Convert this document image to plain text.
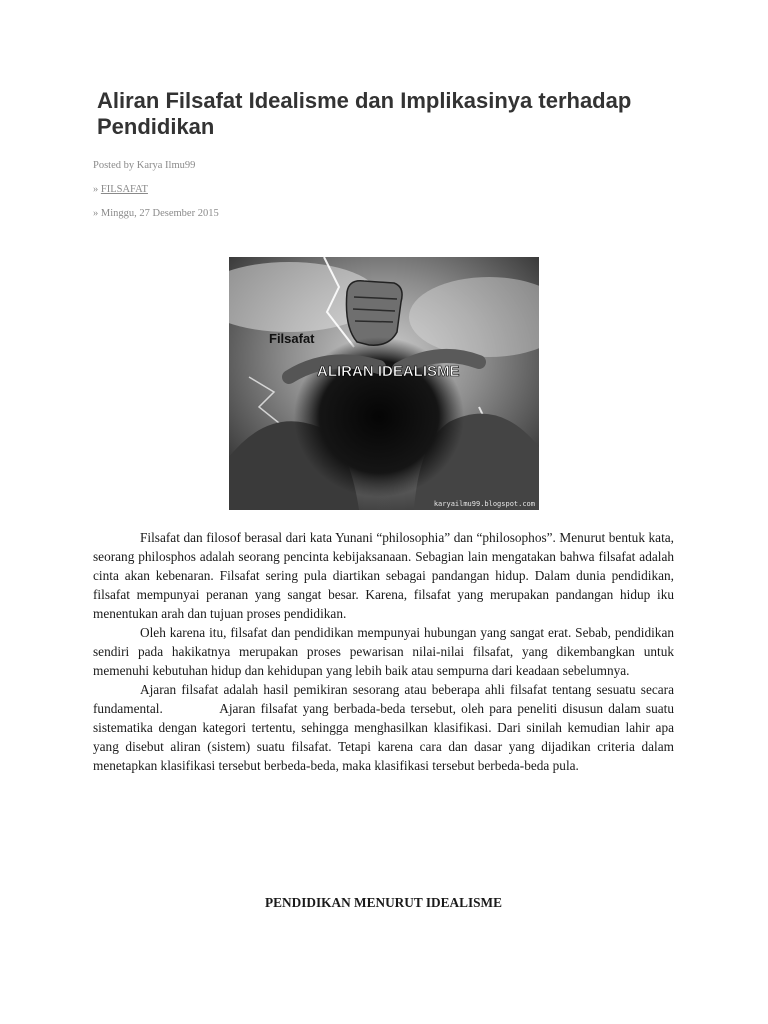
Aliran Filsafat Idealisme dan Implikasinya terhadap Pendidikan
Posted by Karya Ilmu99
» FILSAFAT
» Minggu, 27 Desember 2015
Filsafat
ALIRAN IDEALISME
karyailmu99.blogspot.com

Filsafat dan filosof berasal dari kata Yunani “philosophia” dan “philosophos”. Menurut bentuk kata, seorang philosphos adalah seorang pencinta kebijaksanaan. Sebagian lain mengatakan bahwa filsafat adalah cinta akan kebenaran. Filsafat sering pula diartikan sebagai pandangan hidup. Dalam dunia pendidikan, filsafat mempunyai peranan yang sangat besar. Karena, filsafat yang merupakan pandangan hidup iku menentukan arah dan tujuan proses pendidikan.

Oleh karena itu, filsafat dan pendidikan mempunyai hubungan yang sangat erat. Sebab, pendidikan sendiri pada hakikatnya merupakan proses pewarisan nilai-nilai filsafat, yang dikembangkan untuk memenuhi kebutuhan hidup dan kehidupan yang lebih baik atau sempurna dari keadaan sebelumnya.

Ajaran filsafat adalah hasil pemikiran sesorang atau beberapa ahli filsafat tentang sesuatu secara fundamental.           Ajaran filsafat yang berbada-beda tersebut, oleh para peneliti disusun dalam suatu sistematika dengan kategori tertentu, sehingga menghasilkan klasifikasi. Dari sinilah kemudian lahir apa yang disebut aliran (sistem) suatu filsafat. Tetapi karena cara dan dasar yang dijadikan criteria dalam menetapkan klasifikasi tersebut berbeda-beda, maka klasifikasi tersebut berbeda-beda pula.

PENDIDIKAN MENURUT IDEALISME
